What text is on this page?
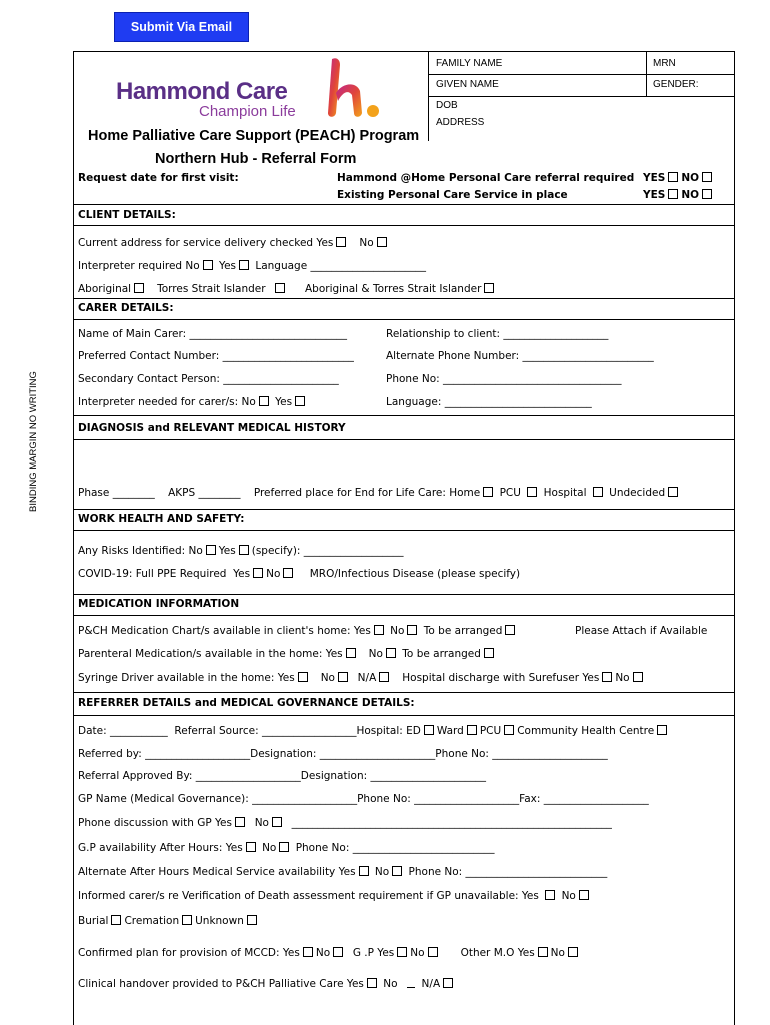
Submit Via Email
BINDING MARGIN NO WRITING
FAMILY NAME	MRN
GIVEN NAME	GENDER:
DOB
ADDRESS
Hammond Care
Champion Life
Home Palliative Care Support (PEACH) Program
Northern Hub - Referral Form
Request date for first visit:	Hammond @Home Personal Care referral required YES NO
Existing Personal Care Service in place	YES NO
CLIENT DETAILS:
Current address for service delivery checked Yes No
Interpreter required No Yes Language ______________________
Aboriginal Torres Strait Islander	Aboriginal & Torres Strait Islander
CARER DETAILS:
Name of Main Carer: ______________________________	Relationship to client: ____________________
Preferred Contact Number: _________________________	Alternate Phone Number: _________________________
Secondary Contact Person: ______________________	Phone No: __________________________________
Interpreter needed for carer/s: No Yes	Language: ____________________________
DIAGNOSIS and RELEVANT MEDICAL HISTORY
Phase ________ AKPS ________ Preferred place for End for Life Care: Home PCU Hospital Undecided
WORK HEALTH AND SAFETY:
Any Risks Identified: No Yes (specify): ___________________
COVID-19: Full PPE Required Yes No	MRO/Infectious Disease (please specify)
MEDICATION INFORMATION
P&CH Medication Chart/s available in client's home: Yes No To be arranged	Please Attach if Available
Parenteral Medication/s available in the home: Yes No To be arranged
Syringe Driver available in the home: Yes No N/A Hospital discharge with Surefuser Yes No
REFERRER DETAILS and MEDICAL GOVERNANCE DETAILS:
Date: ___________ Referral Source: __________________Hospital: ED Ward PCU Community Health Centre
Referred by: ____________________Designation: ______________________Phone No: ______________________
Referral Approved By: ____________________Designation: ______________________
GP Name (Medical Governance): ____________________Phone No: ____________________Fax: ____________________
Phone discussion with GP Yes No _____________________________________________________________
G.P availability After Hours: Yes No Phone No: ___________________________
Alternate After Hours Medical Service availability Yes No Phone No: ___________________________
Informed carer/s re Verification of Death assessment requirement if GP unavailable: Yes No
Burial Cremation Unknown
Confirmed plan for provision of MCCD: Yes No G .P Yes No	Other M.O Yes No
Clinical handover provided to P&CH Palliative Care Yes No N/A
